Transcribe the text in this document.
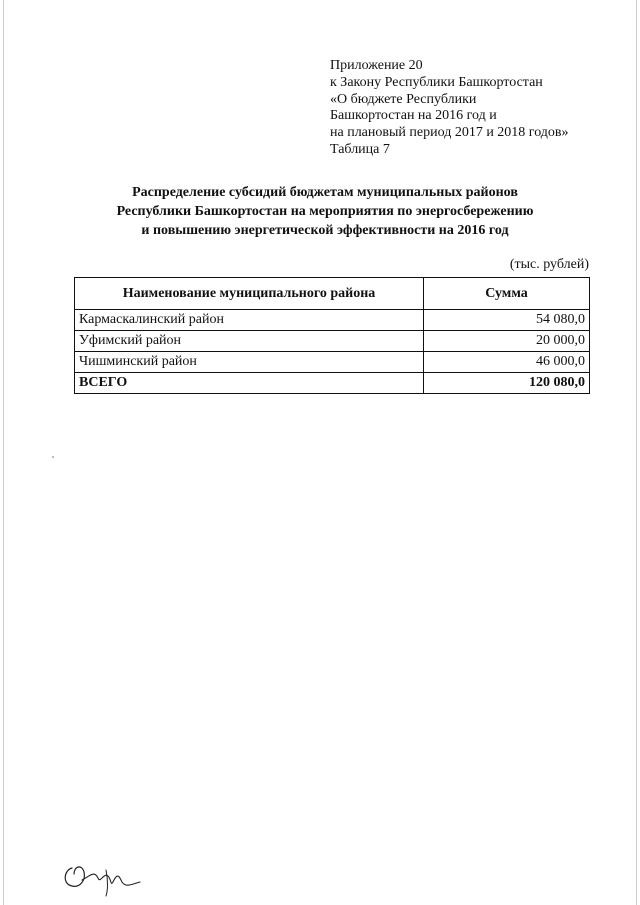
Приложение 20
к Закону Республики Башкортостан
«О бюджете Республики
Башкортостан на 2016 год и
на плановый период 2017 и 2018 годов»
Таблица 7
Распределение субсидий бюджетам муниципальных районов
Республики Башкортостан на мероприятия по энергосбережению
и повышению энергетической эффективности на 2016 год
(тыс. рублей)
Наименование муниципального района	Сумма
Кармаскалинский район	54 080,0
Уфимский район	20 000,0
Чишминский район	46 000,0
ВСЕГО	120 080,0
